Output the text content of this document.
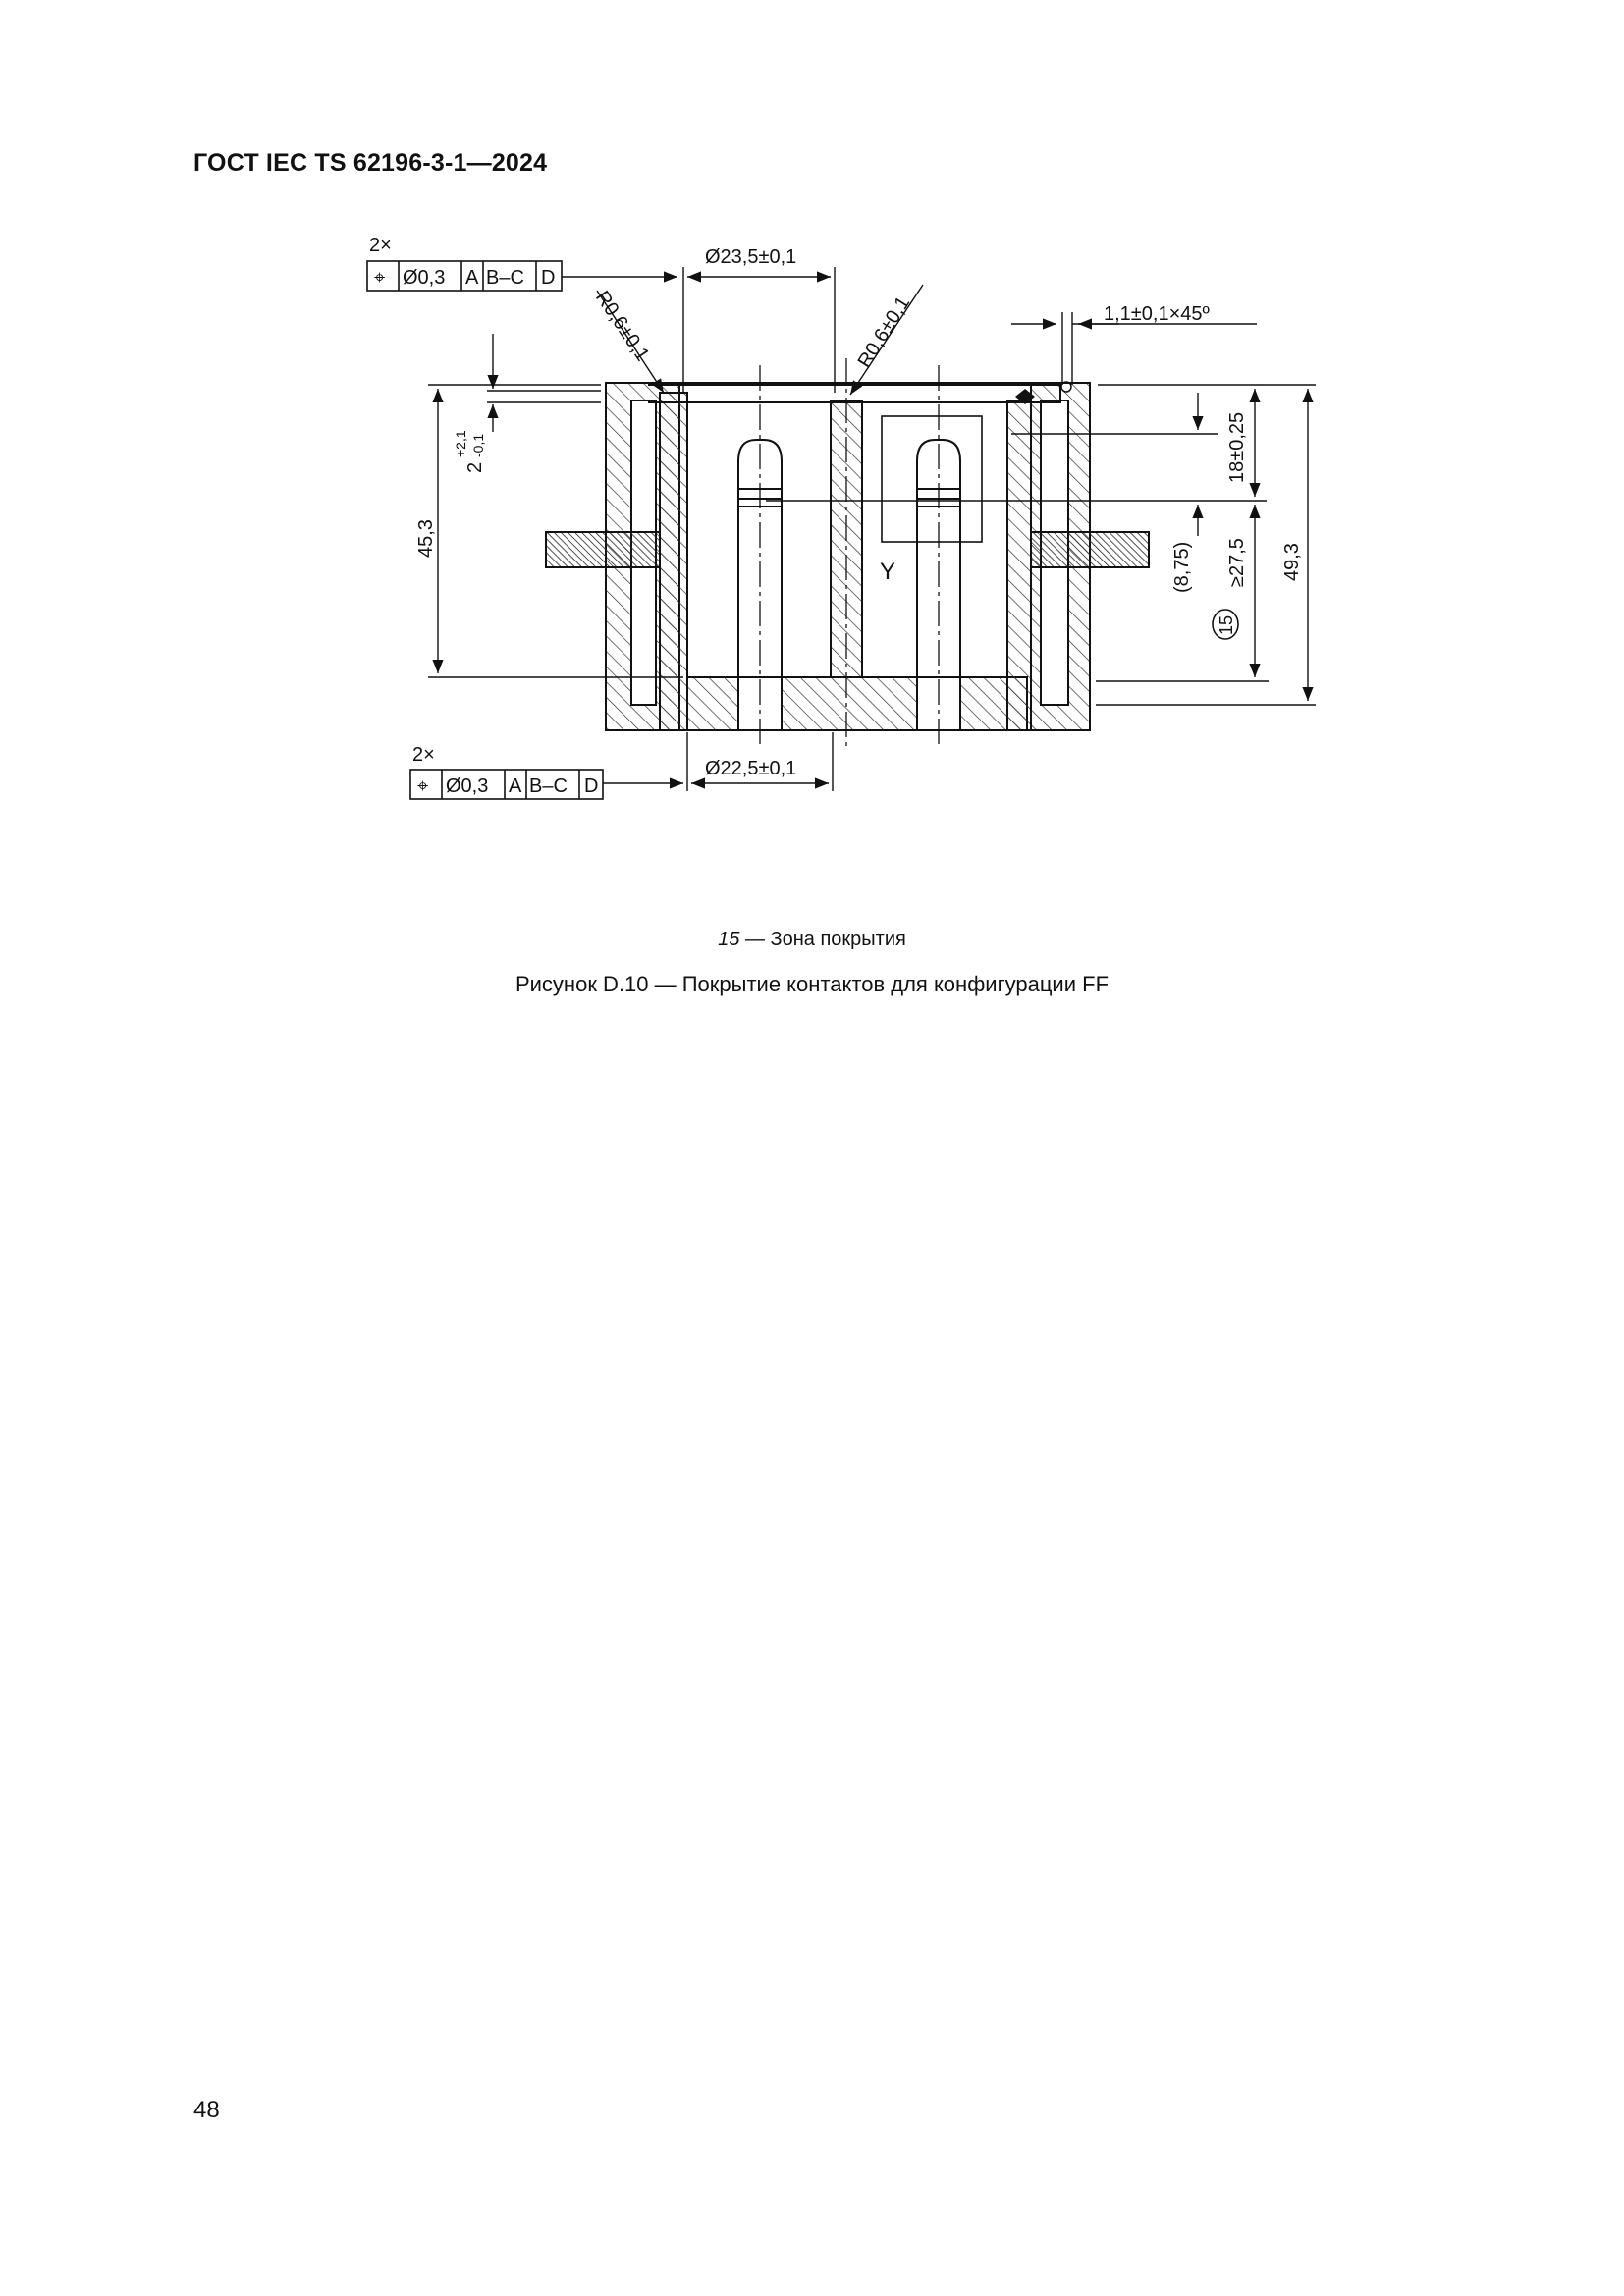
ГОСТ IEC TS 62196-3-1—2024
Y
2×
⌖ Ø0,3 A B–C D
2×
⌖ Ø0,3 A B–C D
Ø23,5±0,1
Ø22,5±0,1
1,1±0,1×45º
R0,6±0,1	R0,6±0,1
45,3
2
+2,1 -0,1	18±0,25
(8,75) ≥27,5 49,3
15
15 — Зона покрытия
Рисунок D.10 — Покрытие контактов для конфигурации FF
48
